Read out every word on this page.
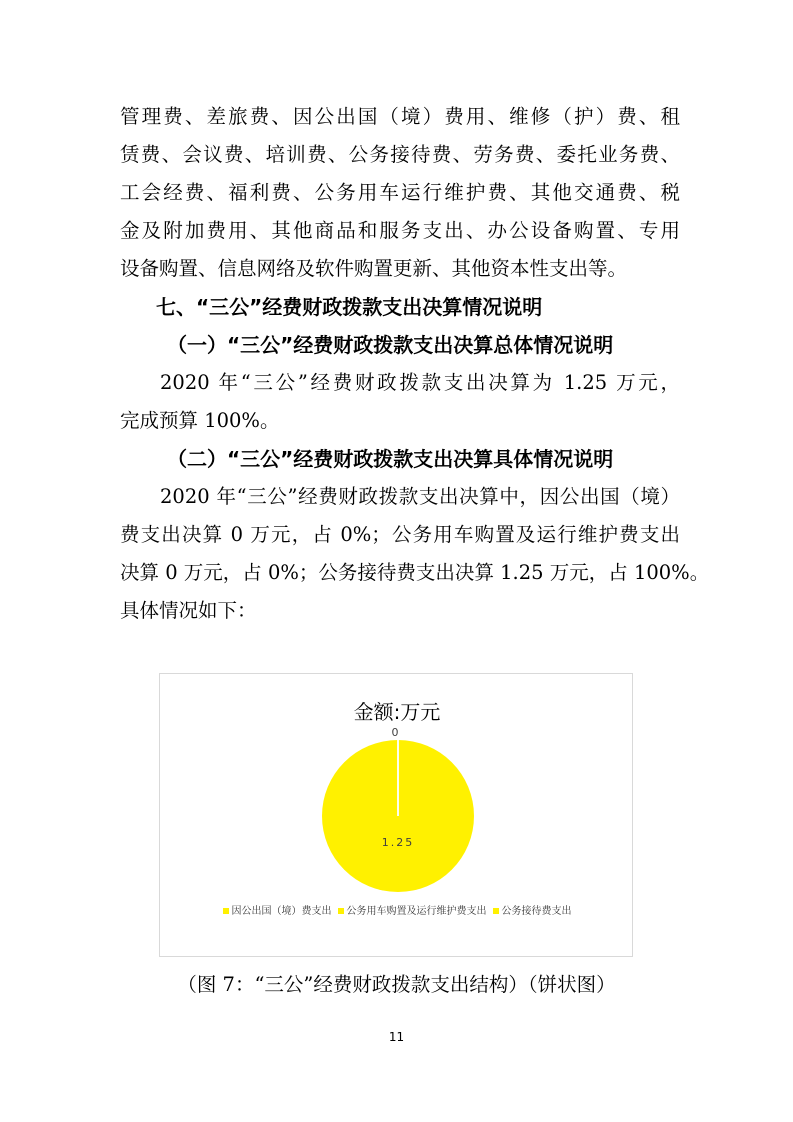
管理费、差旅费、因公出国（境）费用、维修（护）费、租
赁费、会议费、培训费、公务接待费、劳务费、委托业务费、
工会经费、福利费、公务用车运行维护费、其他交通费、税
金及附加费用、其他商品和服务支出、办公设备购置、专用
设备购置、信息网络及软件购置更新、其他资本性支出等。
七、“三公”经费财政拨款支出决算情况说明
（一）“三公”经费财政拨款支出决算总体情况说明
2020 年“三公”经费财政拨款支出决算为 1.25 万元，
完成预算 100%。
（二）“三公”经费财政拨款支出决算具体情况说明
2020 年“三公”经费财政拨款支出决算中，因公出国（境）
费支出决算 0 万元，占 0%；公务用车购置及运行维护费支出
决算 0 万元，占 0%；公务接待费支出决算 1.25 万元，占 100%。
具体情况如下：
金额:万元
0
1.25
因公出国（境）费支出 公务用车购置及运行维护费支出 公务接待费支出
（图 7：“三公”经费财政拨款支出结构）（饼状图）
11
